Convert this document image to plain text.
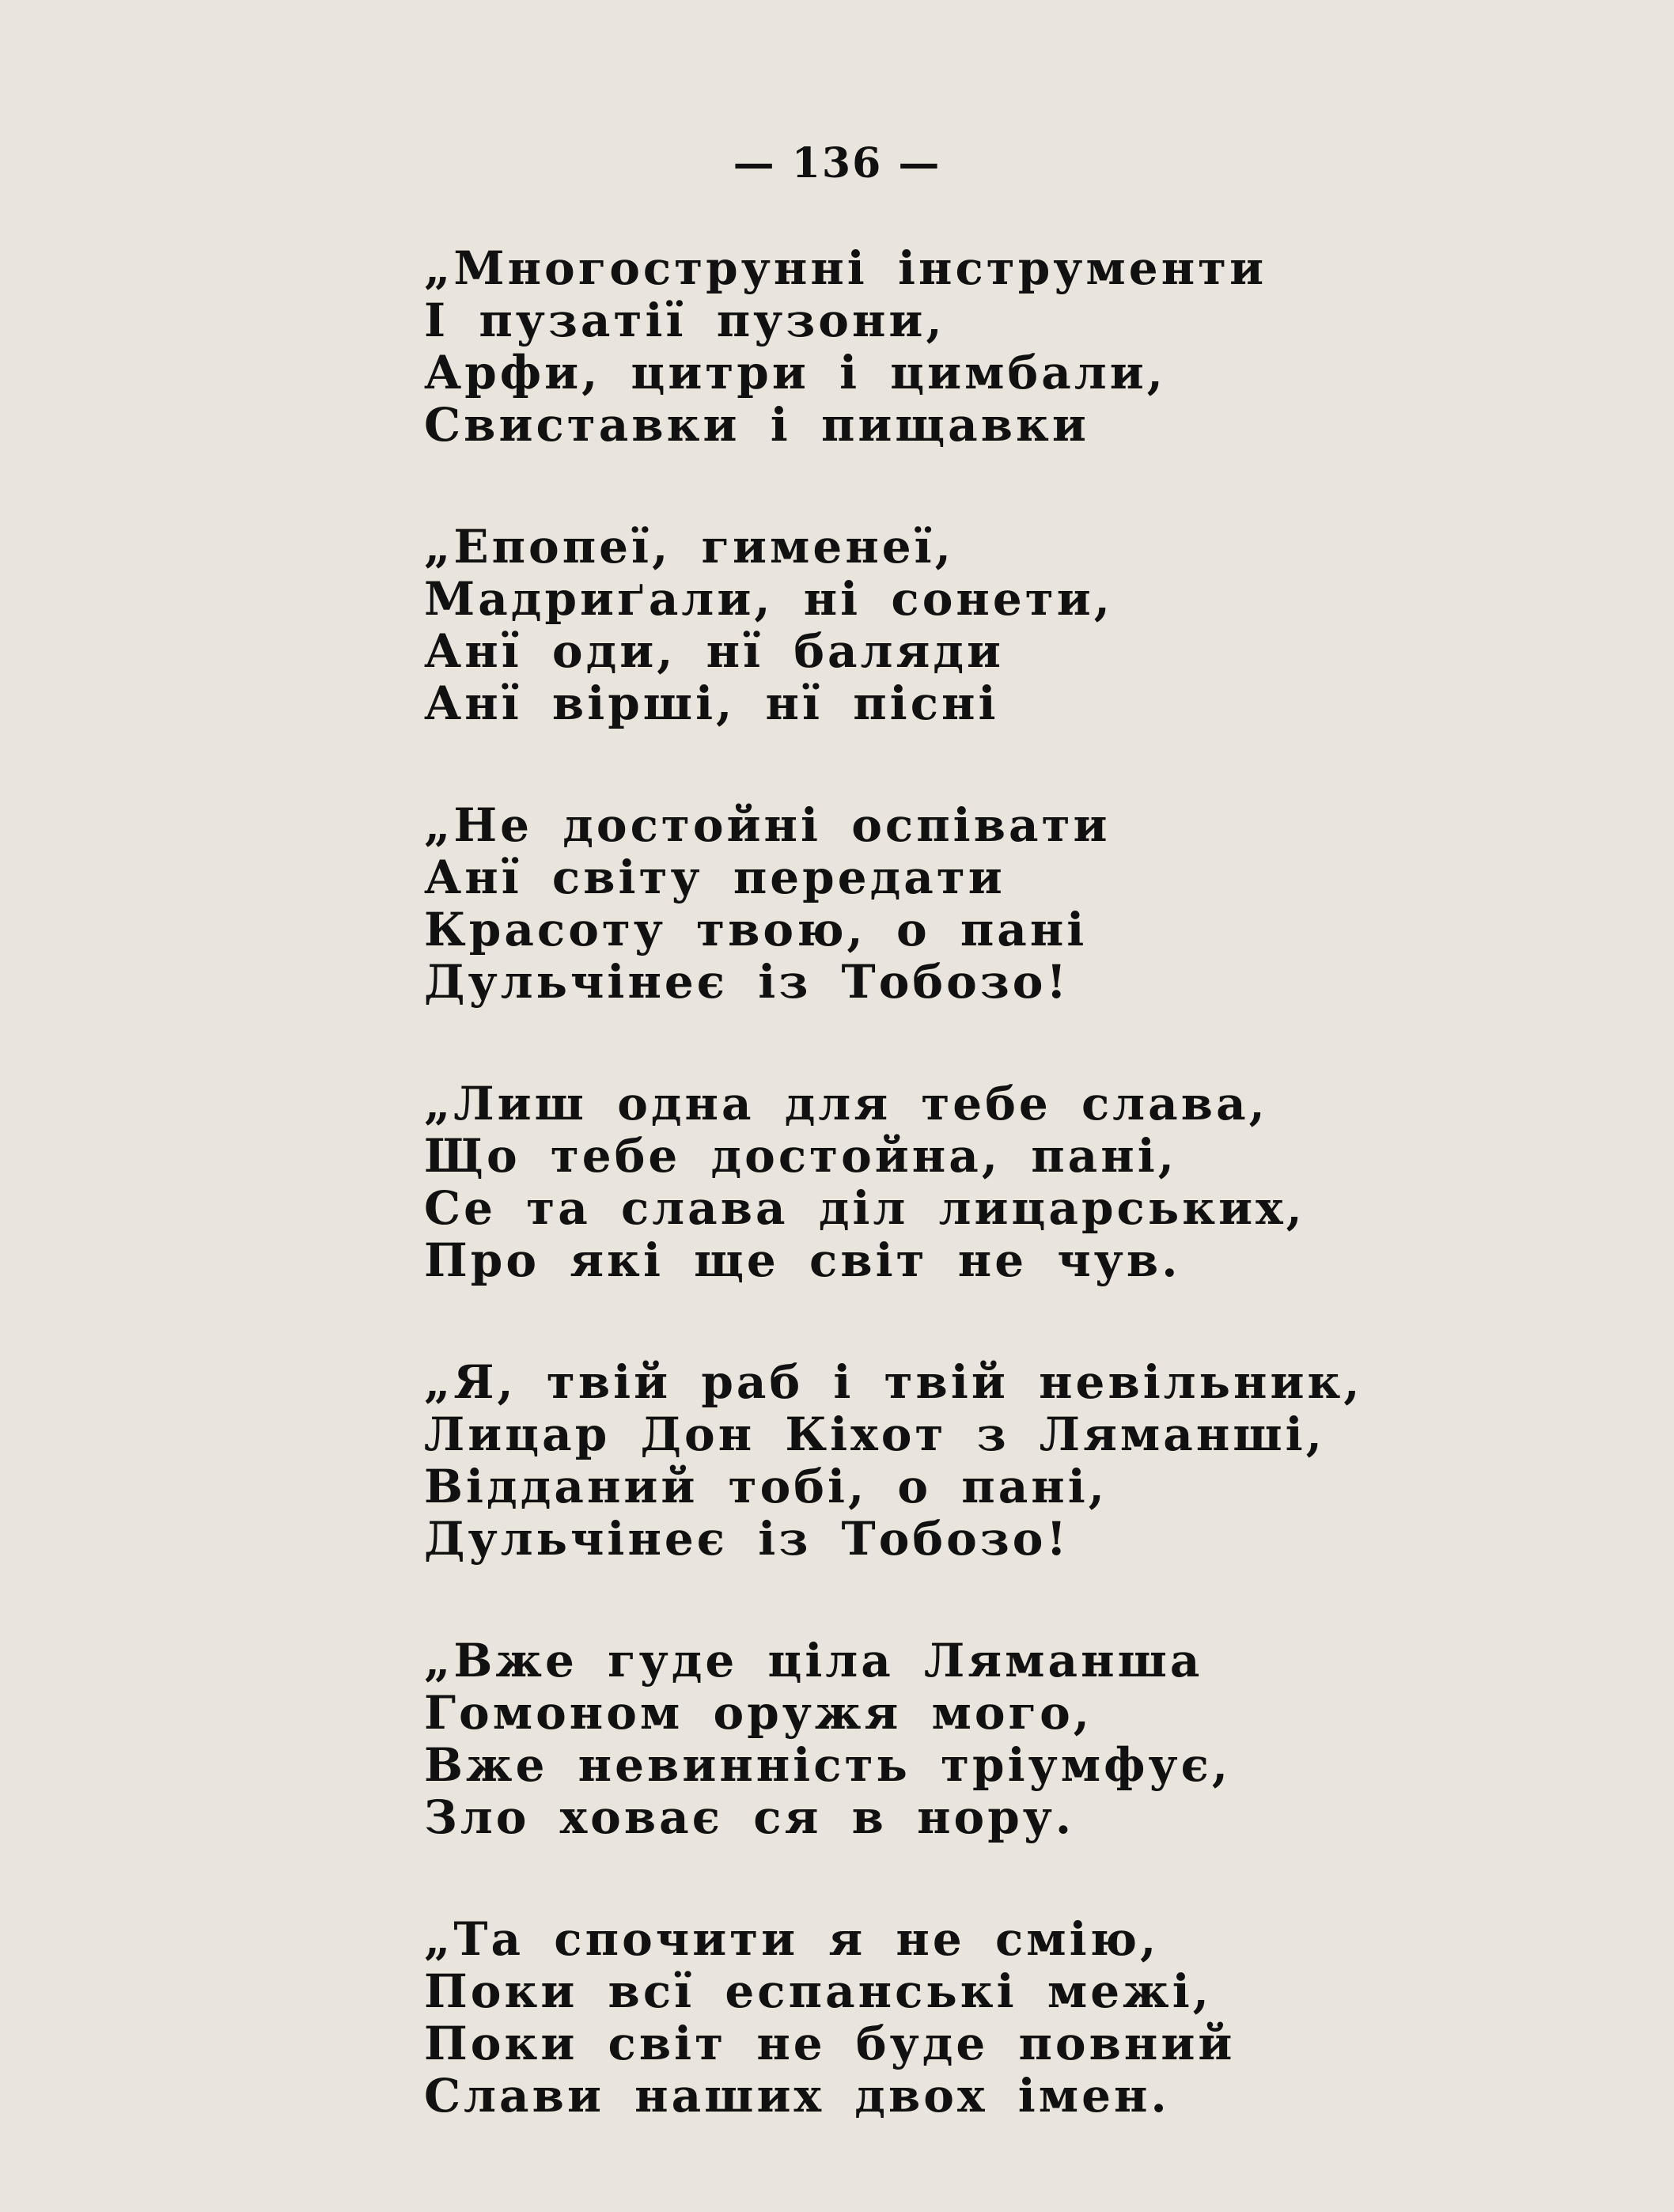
— 136 —
„Многострунні інструменти
І пузатії пузони,
Арфи, цитри і цимбали,
Свиставки і пищавки
„Епопеї, гименеї,
Мадриґали, ні сонети,
Анї оди, нї баляди
Анї вірші, нї пісні
„Не достойні оспівати
Анї світу передати
Красоту твою, о пані
Дульчінеє із Тобозо!
„Лиш одна для тебе слава,
Що тебе достойна, пані,
Се та слава діл лицарських,
Про які ще світ не чув.
„Я, твій раб і твій невільник,
Лицар Дон Кіхот з Ляманші,
Відданий тобі, о пані,
Дульчінеє із Тобозо!
„Вже гуде ціла Ляманша
Гомоном оружя мого,
Вже невинність тріумфує,
Зло ховає ся в нору.
„Та спочити я не смію,
Поки всї еспанські межі,
Поки світ не буде повний
Слави наших двох імен.
